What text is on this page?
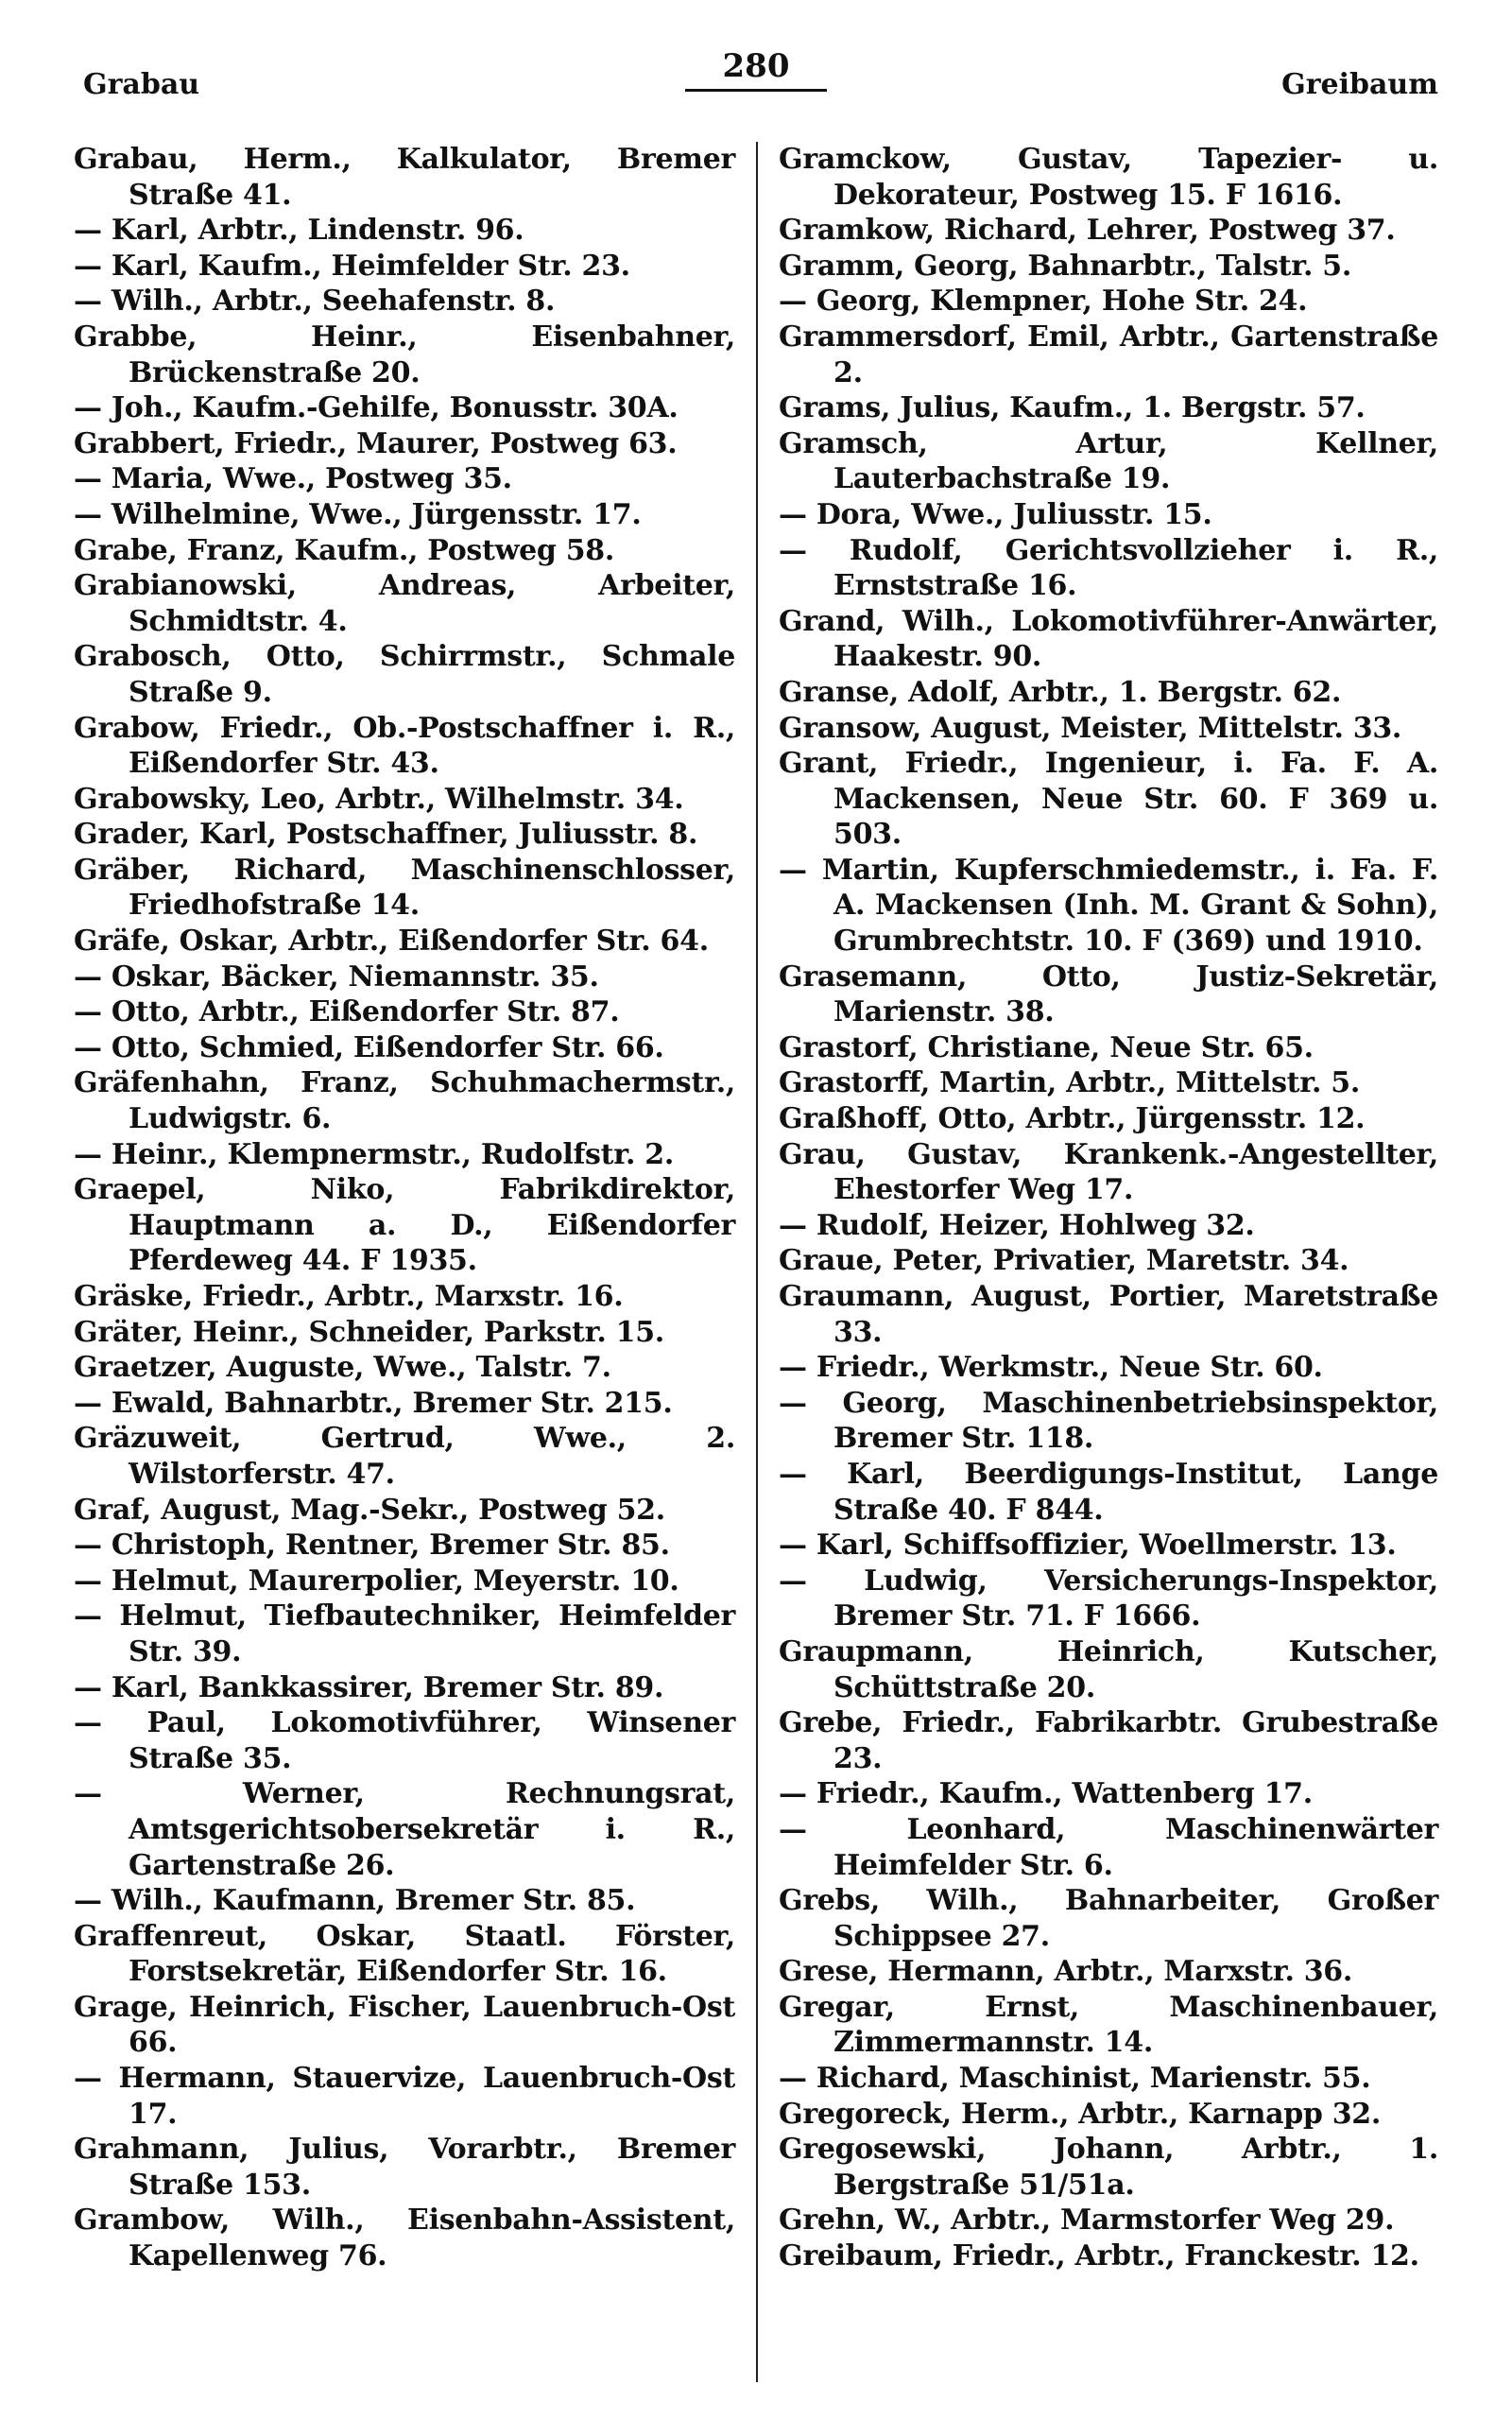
Grabau	280	Greibaum
Grabau, Herm., Kalkulator, Bremer Straße 41.
— Karl, Arbtr., Lindenstr. 96.
— Karl, Kaufm., Heimfelder Str. 23.
— Wilh., Arbtr., Seehafenstr. 8.
Grabbe, Heinr., Eisenbahner, Brückenstraße 20.
— Joh., Kaufm.-Gehilfe, Bonusstr. 30A.
Grabbert, Friedr., Maurer, Postweg 63.
— Maria, Wwe., Postweg 35.
— Wilhelmine, Wwe., Jürgensstr. 17.
Grabe, Franz, Kaufm., Postweg 58.
Grabianowski, Andreas, Arbeiter, Schmidtstr. 4.
Grabosch, Otto, Schirrmstr., Schmale Straße 9.
Grabow, Friedr., Ob.-Postschaffner i. R., Eißendorfer Str. 43.
Grabowsky, Leo, Arbtr., Wilhelmstr. 34.
Grader, Karl, Postschaffner, Juliusstr. 8.
Gräber, Richard, Maschinenschlosser, Friedhofstraße 14.
Gräfe, Oskar, Arbtr., Eißendorfer Str. 64.
— Oskar, Bäcker, Niemannstr. 35.
— Otto, Arbtr., Eißendorfer Str. 87.
— Otto, Schmied, Eißendorfer Str. 66.
Gräfenhahn, Franz, Schuhmachermstr., Ludwigstr. 6.
— Heinr., Klempnermstr., Rudolfstr. 2.
Graepel, Niko, Fabrikdirektor, Hauptmann a. D., Eißendorfer Pferdeweg 44. F 1935.
Gräske, Friedr., Arbtr., Marxstr. 16.
Gräter, Heinr., Schneider, Parkstr. 15.
Graetzer, Auguste, Wwe., Talstr. 7.
— Ewald, Bahnarbtr., Bremer Str. 215.
Gräzuweit, Gertrud, Wwe., 2. Wilstorferstr. 47.
Graf, August, Mag.-Sekr., Postweg 52.
— Christoph, Rentner, Bremer Str. 85.
— Helmut, Maurerpolier, Meyerstr. 10.
— Helmut, Tiefbautechniker, Heimfelder Str. 39.
— Karl, Bankkassirer, Bremer Str. 89.
— Paul, Lokomotivführer, Winsener Straße 35.
— Werner, Rechnungsrat, Amtsgerichtsobersekretär i. R., Gartenstraße 26.
— Wilh., Kaufmann, Bremer Str. 85.
Graffenreut, Oskar, Staatl. Förster, Forstsekretär, Eißendorfer Str. 16.
Grage, Heinrich, Fischer, Lauenbruch-Ost 66.
— Hermann, Stauervize, Lauenbruch-Ost 17.
Grahmann, Julius, Vorarbtr., Bremer Straße 153.
Grambow, Wilh., Eisenbahn-Assistent, Kapellenweg 76.
Gramckow, Gustav, Tapezier- u. Dekorateur, Postweg 15. F 1616.
Gramkow, Richard, Lehrer, Postweg 37.
Gramm, Georg, Bahnarbtr., Talstr. 5.
— Georg, Klempner, Hohe Str. 24.
Grammersdorf, Emil, Arbtr., Gartenstraße 2.
Grams, Julius, Kaufm., 1. Bergstr. 57.
Gramsch, Artur, Kellner, Lauterbachstraße 19.
— Dora, Wwe., Juliusstr. 15.
— Rudolf, Gerichtsvollzieher i. R., Ernststraße 16.
Grand, Wilh., Lokomotivführer-Anwärter, Haakestr. 90.
Granse, Adolf, Arbtr., 1. Bergstr. 62.
Gransow, August, Meister, Mittelstr. 33.
Grant, Friedr., Ingenieur, i. Fa. F. A. Mackensen, Neue Str. 60. F 369 u. 503.
— Martin, Kupferschmiedemstr., i. Fa. F. A. Mackensen (Inh. M. Grant & Sohn), Grumbrechtstr. 10. F (369) und 1910.
Grasemann, Otto, Justiz-Sekretär, Marienstr. 38.
Grastorf, Christiane, Neue Str. 65.
Grastorff, Martin, Arbtr., Mittelstr. 5.
Graßhoff, Otto, Arbtr., Jürgensstr. 12.
Grau, Gustav, Krankenk.-Angestellter, Ehestorfer Weg 17.
— Rudolf, Heizer, Hohlweg 32.
Graue, Peter, Privatier, Maretstr. 34.
Graumann, August, Portier, Maretstraße 33.
— Friedr., Werkmstr., Neue Str. 60.
— Georg, Maschinenbetriebsinspektor, Bremer Str. 118.
— Karl, Beerdigungs-Institut, Lange Straße 40. F 844.
— Karl, Schiffsoffizier, Woellmerstr. 13.
— Ludwig, Versicherungs-Inspektor, Bremer Str. 71. F 1666.
Graupmann, Heinrich, Kutscher, Schüttstraße 20.
Grebe, Friedr., Fabrikarbtr. Grubestraße 23.
— Friedr., Kaufm., Wattenberg 17.
— Leonhard, Maschinenwärter Heimfelder Str. 6.
Grebs, Wilh., Bahnarbeiter, Großer Schippsee 27.
Grese, Hermann, Arbtr., Marxstr. 36.
Gregar, Ernst, Maschinenbauer, Zimmermannstr. 14.
— Richard, Maschinist, Marienstr. 55.
Gregoreck, Herm., Arbtr., Karnapp 32.
Gregosewski, Johann, Arbtr., 1. Bergstraße 51/51a.
Grehn, W., Arbtr., Marmstorfer Weg 29.
Greibaum, Friedr., Arbtr., Franckestr. 12.
